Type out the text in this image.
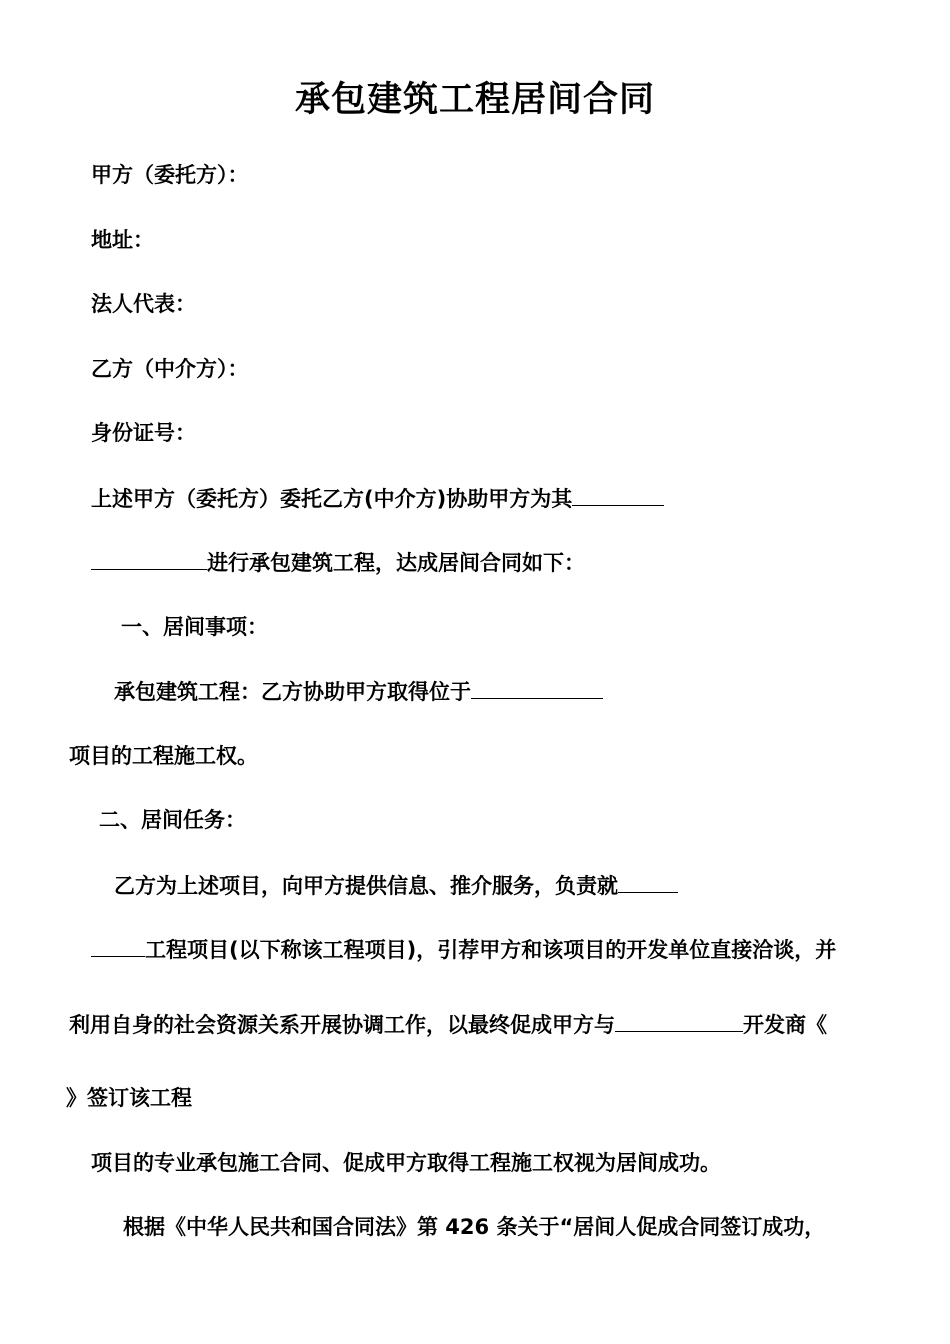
承包建筑工程居间合同
甲方（委托方）：
地址：
法人代表：
乙方（中介方）：
身份证号：
上述甲方（委托方）委托乙方(中介方)协助甲方为其
进行承包建筑工程，达成居间合同如下：
一、居间事项：
承包建筑工程：乙方协助甲方取得位于
项目的工程施工权。
二、居间任务：
乙方为上述项目，向甲方提供信息、推介服务，负责就
工程项目(以下称该工程项目)，引荐甲方和该项目的开发单位直接洽谈，并
利用自身的社会资源关系开展协调工作，以最终促成甲方与	开发商《
》签订该工程
项目的专业承包施工合同、促成甲方取得工程施工权视为居间成功。
根据《中华人民共和国合同法》第 426 条关于“居间人促成合同签订成功，
